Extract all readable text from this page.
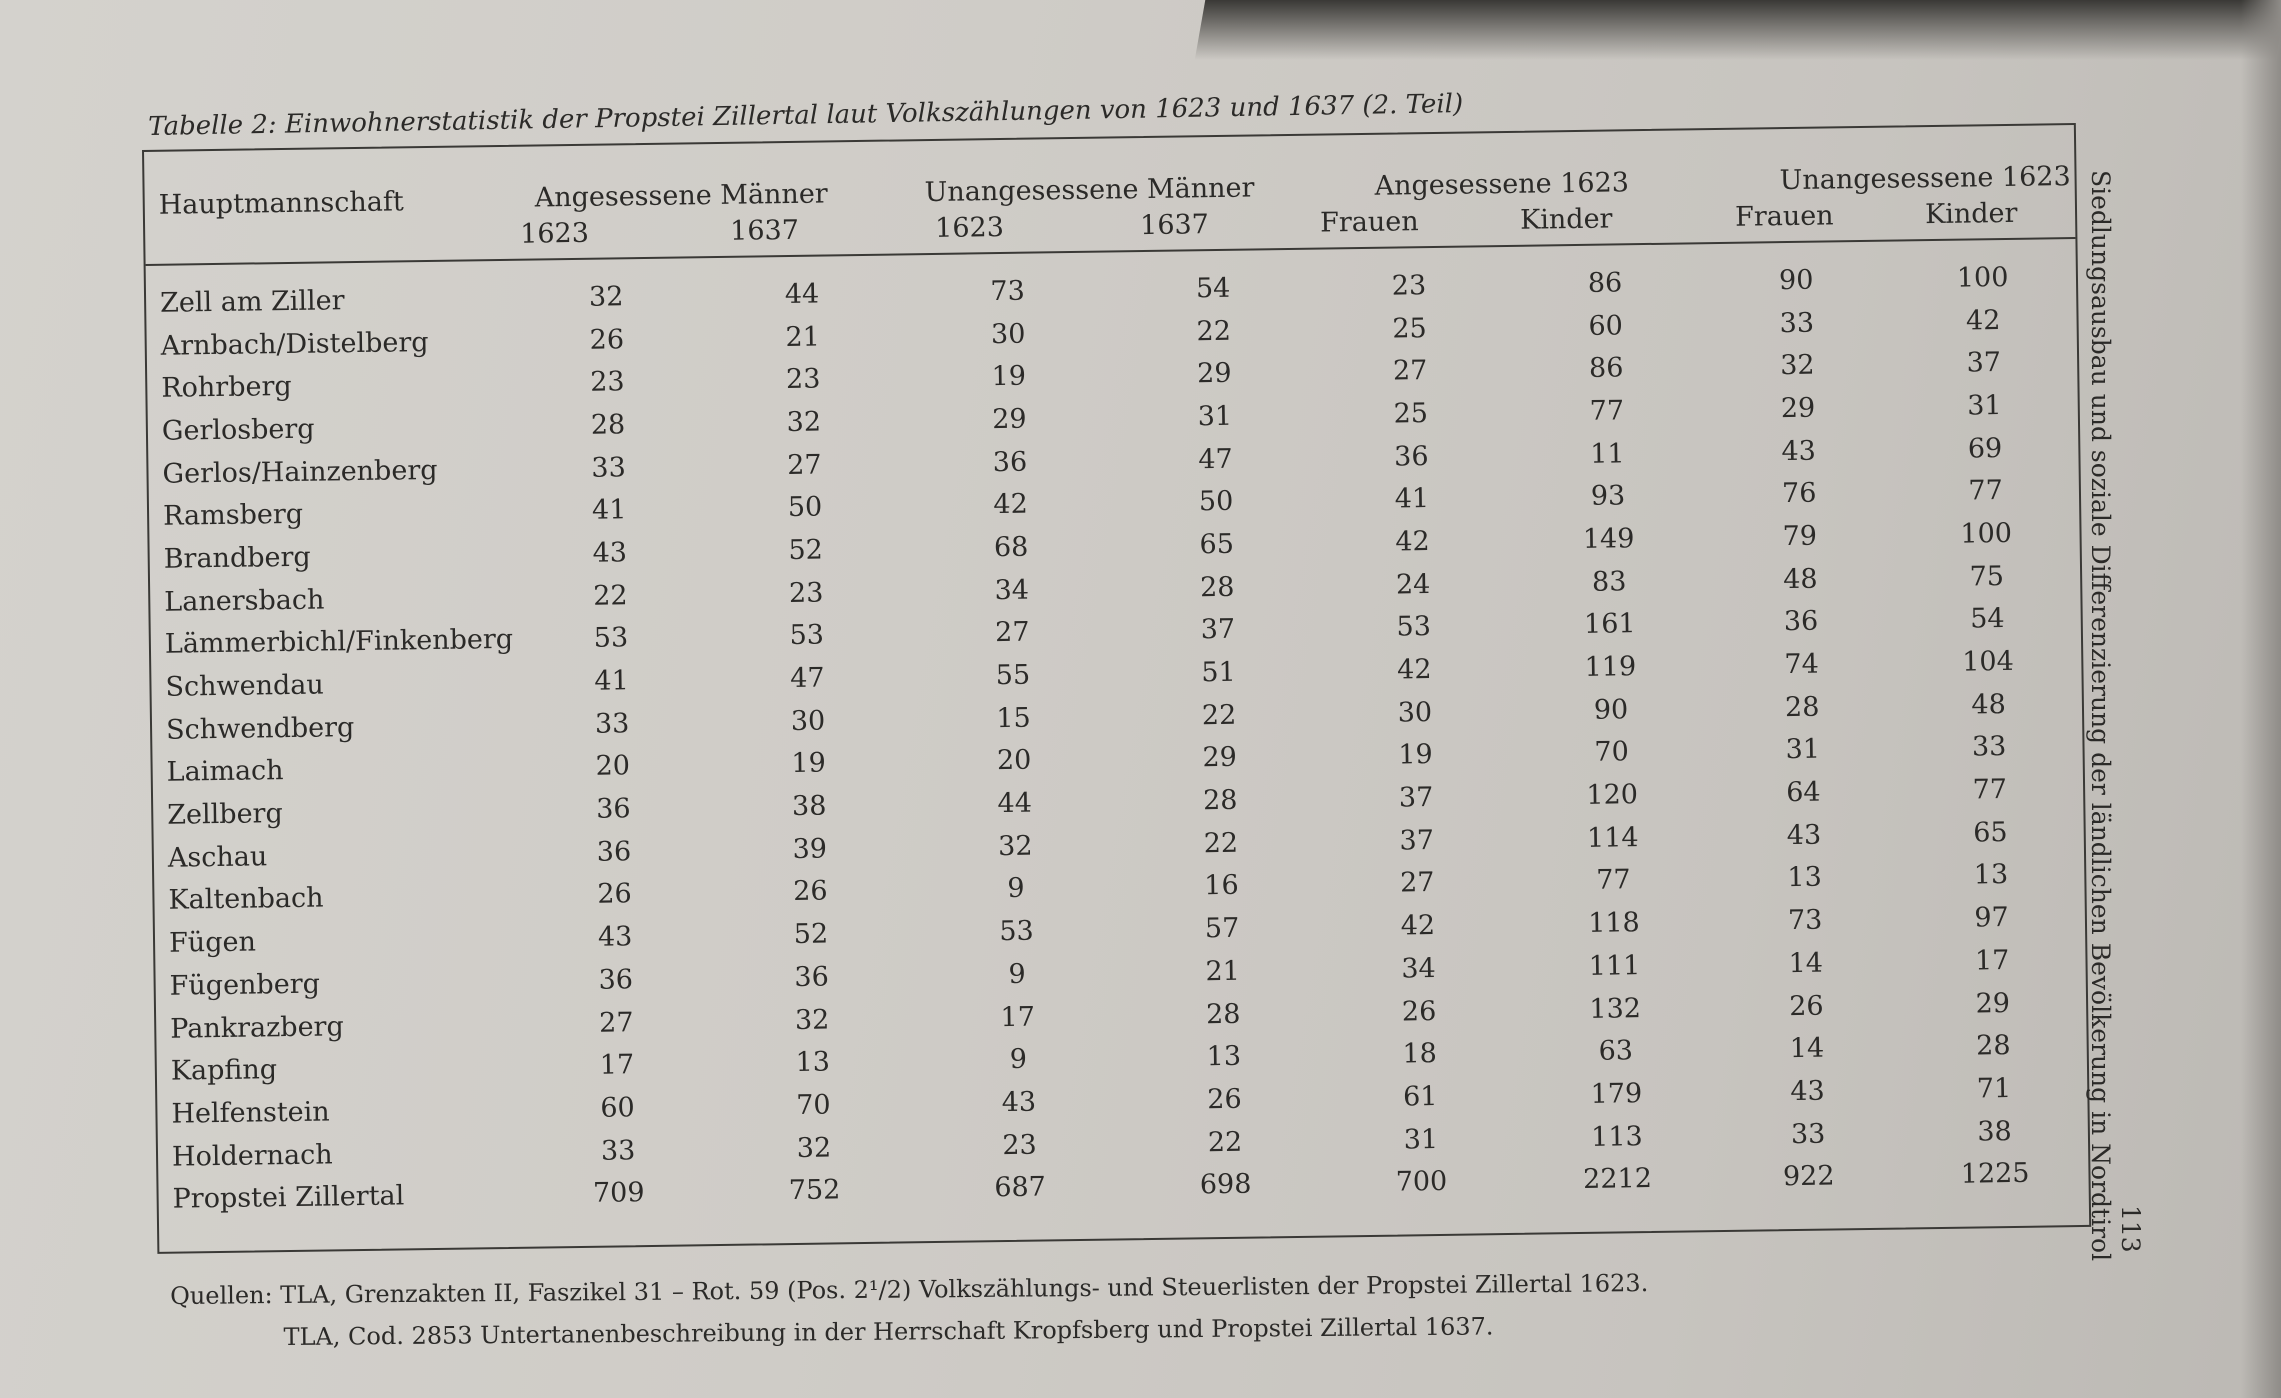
Tabelle 2: Einwohnerstatistik der Propstei Zillertal laut Volkszählungen von 1623 und 1637 (2. Teil)
Hauptmannschaft	Angesessene Männer
1623	1637
Unangesessene Männer
1623	1637
Angesessene 1623
Frauen	Kinder
Unangesessene 1623
Frauen	Kinder
Zell am Ziller	32	44	73	54	23	86	90	100
Arnbach/Distelberg	26	21	30	22	25	60	33	42
Rohrberg	23	23	19	29	27	86	32	37
Gerlosberg	28	32	29	31	25	77	29	31
Gerlos/Hainzenberg	33	27	36	47	36	11	43	69
Ramsberg	41	50	42	50	41	93	76	77
Brandberg	43	52	68	65	42	149	79	100
Lanersbach	22	23	34	28	24	83	48	75
Lämmerbichl/Finkenberg	53	53	27	37	53	161	36	54
Schwendau	41	47	55	51	42	119	74	104
Schwendberg	33	30	15	22	30	90	28	48
Laimach	20	19	20	29	19	70	31	33
Zellberg	36	38	44	28	37	120	64	77
Aschau	36	39	32	22	37	114	43	65
Kaltenbach	26	26	9	16	27	77	13	13
Fügen	43	52	53	57	42	118	73	97
Fügenberg	36	36	9	21	34	111	14	17
Pankrazberg	27	32	17	28	26	132	26	29
Kapfing	17	13	9	13	18	63	14	28
Helfenstein	60	70	43	26	61	179	43	71
Holdernach	33	32	23	22	31	113	33	38
Propstei Zillertal	709	752	687	698	700	2212	922	1225
Quellen: TLA, Grenzakten II, Faszikel 31 – Rot. 59 (Pos. 2¹/2) Volkszählungs- und Steuerlisten der Propstei Zillertal 1623.
TLA, Cod. 2853 Untertanenbeschreibung in der Herrschaft Kropfsberg und Propstei Zillertal 1637.
Siedlungsausbau und soziale Differenzierung der ländlichen Bevölkerung in Nordtirol 113
